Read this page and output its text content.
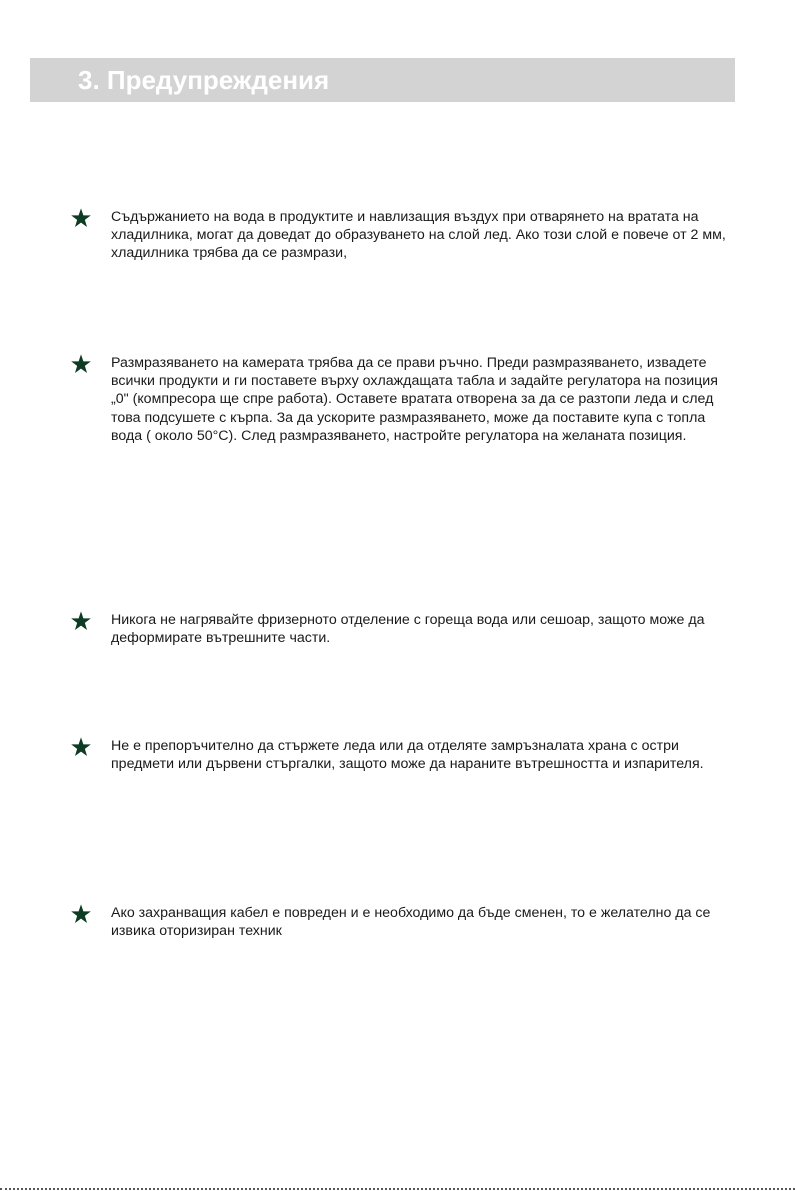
3. Предупреждения
Съдържанието на вода в продуктите и навлизащия въздух при отварянето на вратата на хладилника, могат да доведат до образуването на слой лед. Ако този слой е повече от 2 мм, хладилника трябва да се размрази,
Размразяването на камерата трябва да се прави ръчно. Преди размразяването, извадете всички продукти и ги поставете върху охлаждащата табла и задайте регулатора на позиция „0" (компресора ще спре работа). Оставете вратата отворена за да се разтопи леда и след това подсушете с кърпа. За да ускорите размразяването, може да поставите купа с топла вода ( около 50°C). След размразяването, настройте регулатора на желаната позиция.
Никога не нагрявайте фризерното отделение с гореща вода или сешоар, защото може да деформирате вътрешните части.
Не е препоръчително да стържете леда или да отделяте замръзналата храна с остри предмети или дървени стъргалки, защото може да нараните вътрешността и изпарителя.
Ако захранващия кабел е повреден и е необходимо да бъде сменен, то е желателно да се извика оторизиран техник
